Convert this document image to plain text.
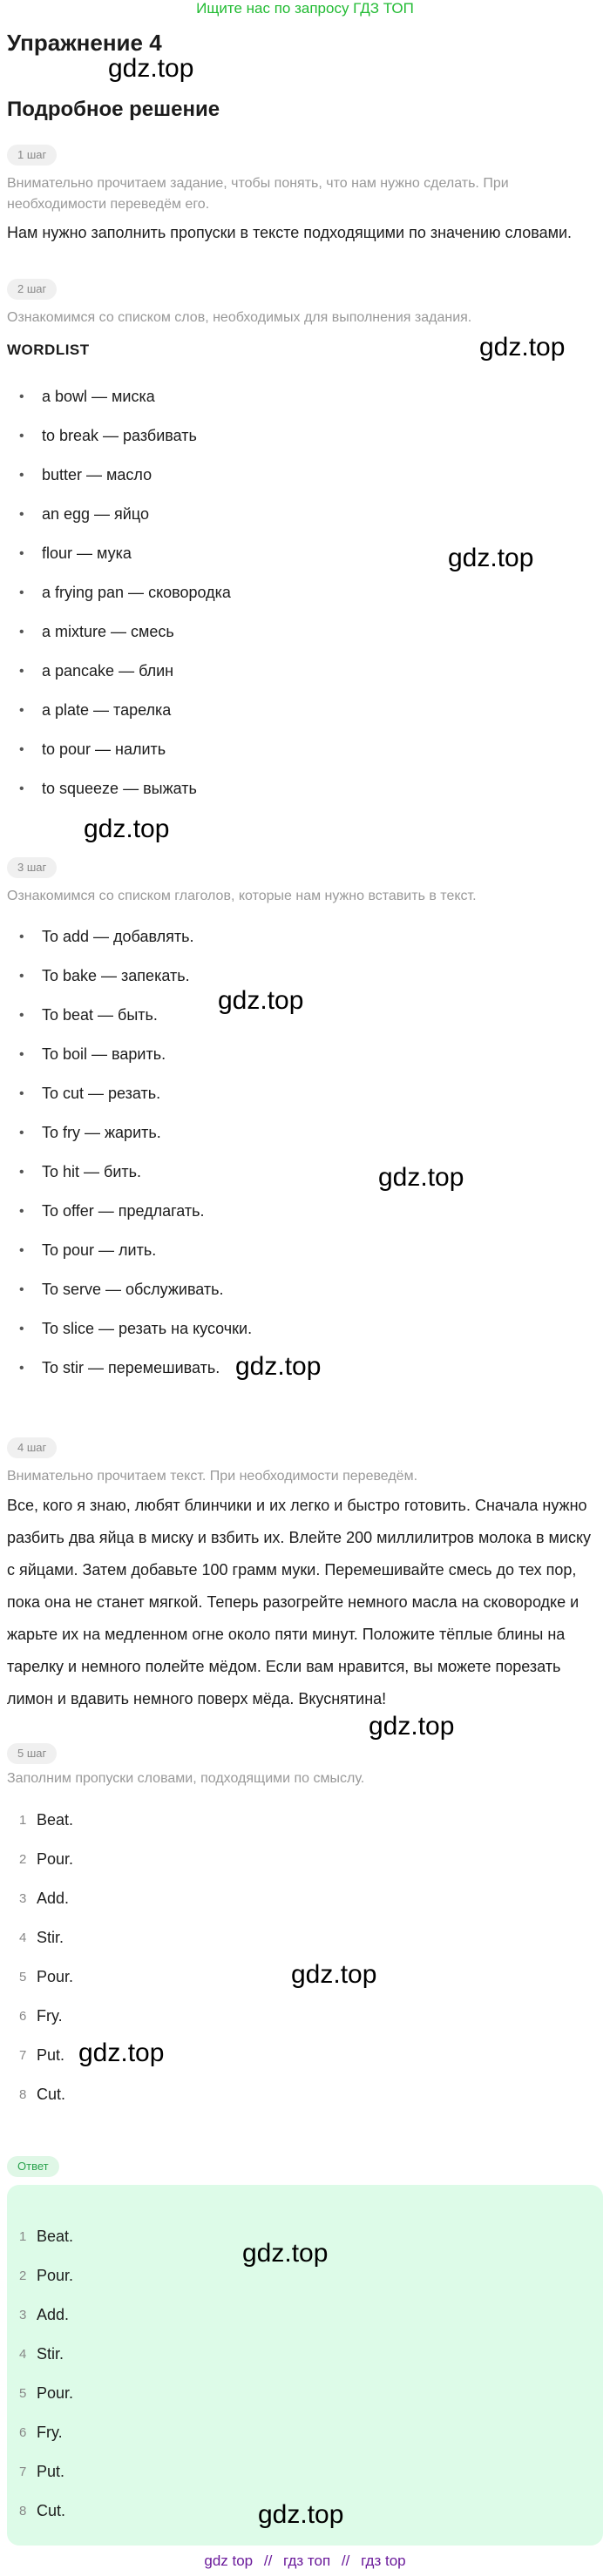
Ищите нас по запросу ГДЗ ТОП
Упражнение 4
gdz.top
Подробное решение
1 шаг
Внимательно прочитаем задание, чтобы понять, что нам нужно сделать. При необходимости переведём его.
Нам нужно заполнить пропуски в тексте подходящими по значению словами.
2 шаг
Ознакомимся со списком слов, необходимых для выполнения задания.
WORDLIST	gdz.top
• a bowl — миска
• to break — разбивать
• butter — масло
• an egg — яйцо
• flour — мука
• a frying pan — сковородка
• a mixture — смесь
• a pancake — блин
• a plate — тарелка
• to pour — налить
• to squeeze — выжать
gdz.top
gdz.top
3 шаг
Ознакомимся со списком глаголов, которые нам нужно вставить в текст.
• To add — добавлять.
• To bake — запекать.
• To beat — быть.
• To boil — варить.
• To cut — резать.
• To fry — жарить.
• To hit — бить.
• To offer — предлагать.
• To pour — лить.
• To serve — обслуживать.
• To slice — резать на кусочки.
• To stir — перемешивать.
gdz.top
gdz.top
gdz.top
4 шаг
Внимательно прочитаем текст. При необходимости переведём.
Все, кого я знаю, любят блинчики и их легко и быстро готовить. Сначала нужно разбить два яйца в миску и взбить их. Влейте 200 миллилитров молока в миску с яйцами. Затем добавьте 100 грамм муки. Перемешивайте смесь до тех пор, пока она не станет мягкой. Теперь разогрейте немного масла на сковородке и жарьте их на медленном огне около пяти минут. Положите тёплые блины на тарелку и немного полейте мёдом. Если вам нравится, вы можете порезать лимон и вдавить немного поверх мёда. Вкуснятина!
gdz.top
5 шаг
Заполним пропуски словами, подходящими по смыслу.
1 Beat.
2 Pour.
3 Add.
4 Stir.
5 Pour.
6 Fry.
7 Put.
8 Cut.
gdz.top
gdz.top
Ответ
1 Beat.
2 Pour.
3 Add.
4 Stir.
5 Pour.
6 Fry.
7 Put.
8 Cut.
gdz.top
gdz.top
gdz top // гдз топ // гдз top
